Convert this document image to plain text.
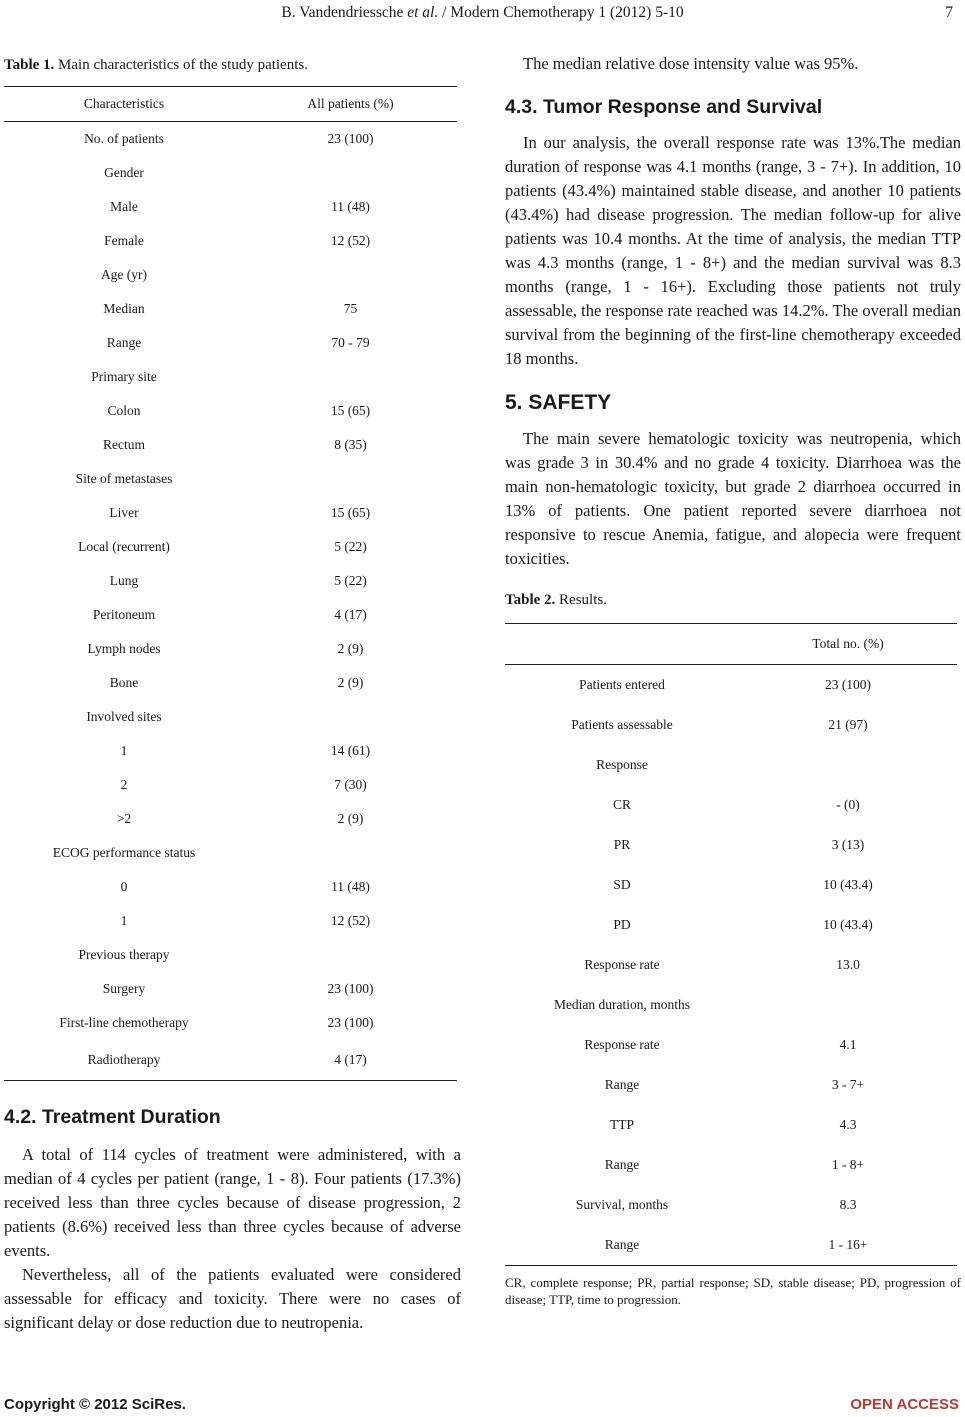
B. Vandendriessche et al. / Modern Chemotherapy 1 (2012) 5-10	7
Table 1. Main characteristics of the study patients.
Characteristics	All patients (%)
No. of patients	23 (100)
Gender	
Male	11 (48)
Female	12 (52)
Age (yr)	
Median	75
Range	70 - 79
Primary site	
Colon	15 (65)
Rectum	8 (35)
Site of metastases	
Liver	15 (65)
Local (recurrent)	5 (22)
Lung	5 (22)
Peritoneum	4 (17)
Lymph nodes	2 (9)
Bone	2 (9)
Involved sites	
1	14 (61)
2	7 (30)
>2	2 (9)
ECOG performance status	
0	11 (48)
1	12 (52)
Previous therapy	
Surgery	23 (100)
First-line chemotherapy	23 (100)
Radiotherapy	4 (17)
4.2. Treatment Duration

A total of 114 cycles of treatment were administered, with a median of 4 cycles per patient (range, 1 - 8). Four patients (17.3%) received less than three cycles because of disease progression, 2 patients (8.6%) received less than three cycles because of adverse events.

Nevertheless, all of the patients evaluated were considered assessable for efficacy and toxicity. There were no cases of significant delay or dose reduction due to neutropenia.

The median relative dose intensity value was 95%.

4.3. Tumor Response and Survival

In our analysis, the overall response rate was 13%.The median duration of response was 4.1 months (range, 3 - 7+). In addition, 10 patients (43.4%) maintained stable disease, and another 10 patients (43.4%) had disease progression. The median follow-up for alive patients was 10.4 months. At the time of analysis, the median TTP was 4.3 months (range, 1 - 8+) and the median survival was 8.3 months (range, 1 - 16+). Excluding those patients not truly assessable, the response rate reached was 14.2%. The overall median survival from the beginning of the first-line chemotherapy exceeded 18 months.

5. SAFETY

The main severe hematologic toxicity was neutropenia, which was grade 3 in 30.4% and no grade 4 toxicity. Diarrhoea was the main non-hematologic toxicity, but grade 2 diarrhoea occurred in 13% of patients. One patient reported severe diarrhoea not responsive to rescue Anemia, fatigue, and alopecia were frequent toxicities.

Table 2. Results.
	Total no. (%)
Patients entered	23 (100)
Patients assessable	21 (97)
Response	
CR	- (0)
PR	3 (13)
SD	10 (43.4)
PD	10 (43.4)
Response rate	13.0
Median duration, months	
Response rate	4.1
Range	3 - 7+
TTP	4.3
Range	1 - 8+
Survival, months	8.3
Range	1 - 16+
CR, complete response; PR, partial response; SD, stable disease; PD, progression of disease; TTP, time to progression.
Copyright © 2012 SciRes.	OPEN ACCESS
